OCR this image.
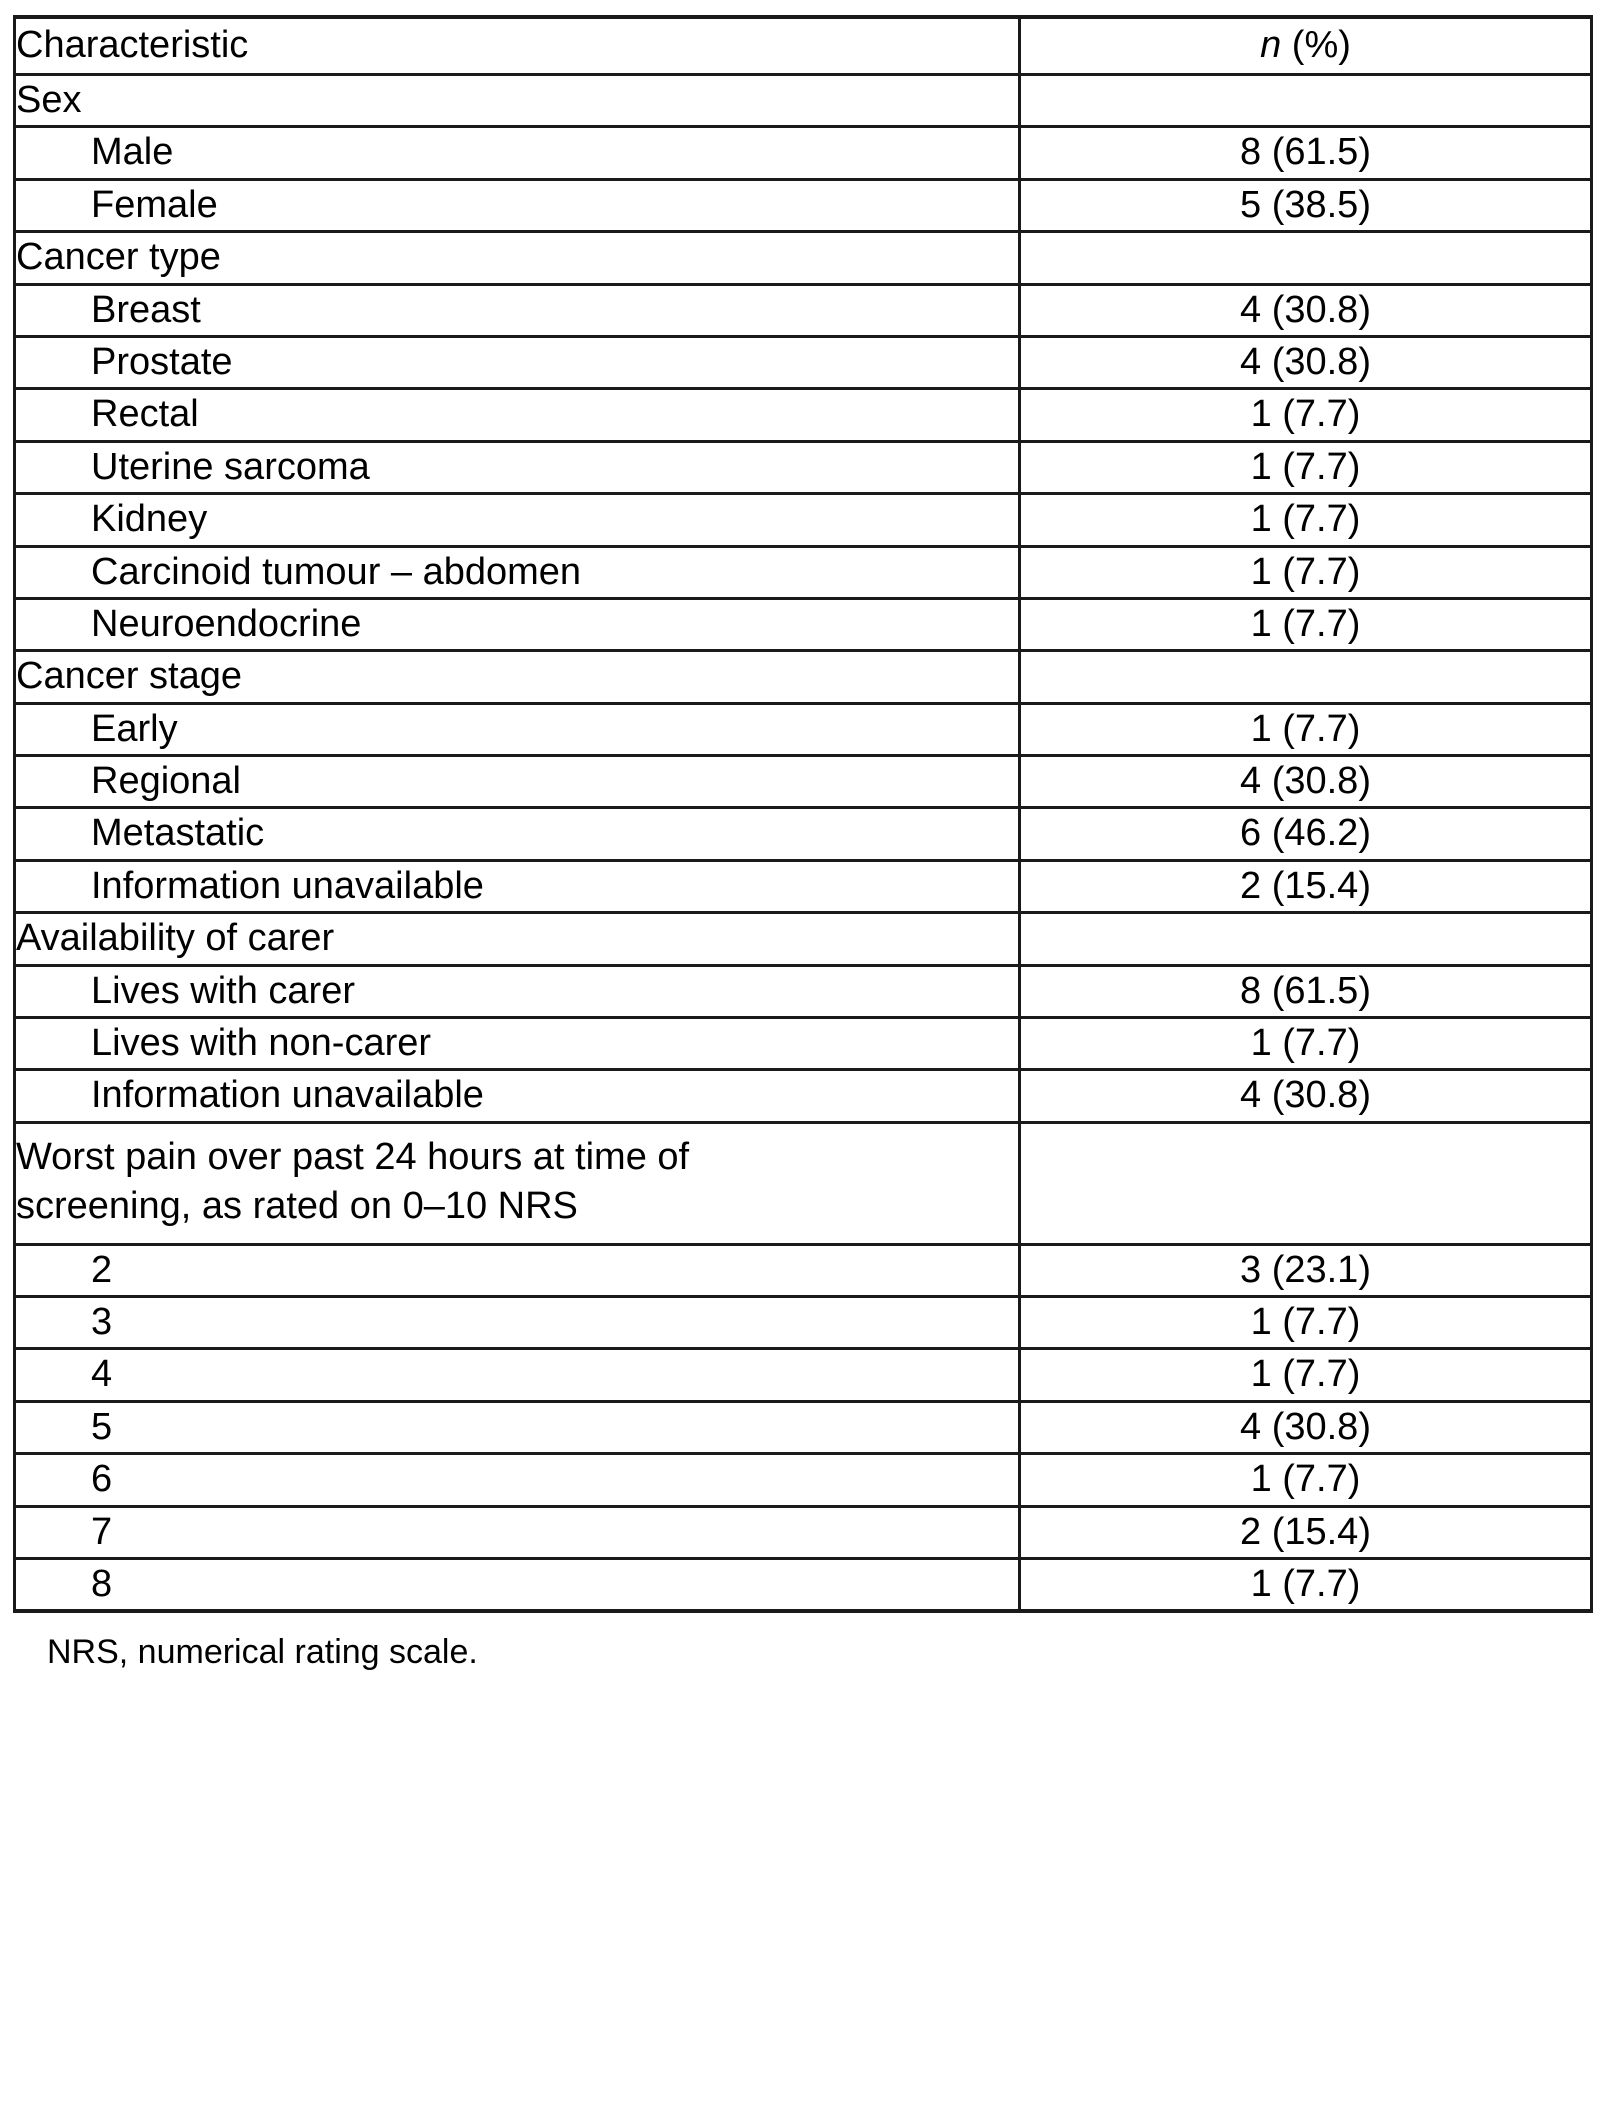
Characteristic	n (%)
Sex	
Male	8 (61.5)
Female	5 (38.5)
Cancer type	
Breast	4 (30.8)
Prostate	4 (30.8)
Rectal	1 (7.7)
Uterine sarcoma	1 (7.7)
Kidney	1 (7.7)
Carcinoid tumour – abdomen	1 (7.7)
Neuroendocrine	1 (7.7)
Cancer stage	
Early	1 (7.7)
Regional	4 (30.8)
Metastatic	6 (46.2)
Information unavailable	2 (15.4)
Availability of carer	
Lives with carer	8 (61.5)
Lives with non-carer	1 (7.7)
Information unavailable	4 (30.8)
Worst pain over past 24 hours at time of screening, as rated on 0–10 NRS	
2	3 (23.1)
3	1 (7.7)
4	1 (7.7)
5	4 (30.8)
6	1 (7.7)
7	2 (15.4)
8	1 (7.7)
NRS, numerical rating scale.
